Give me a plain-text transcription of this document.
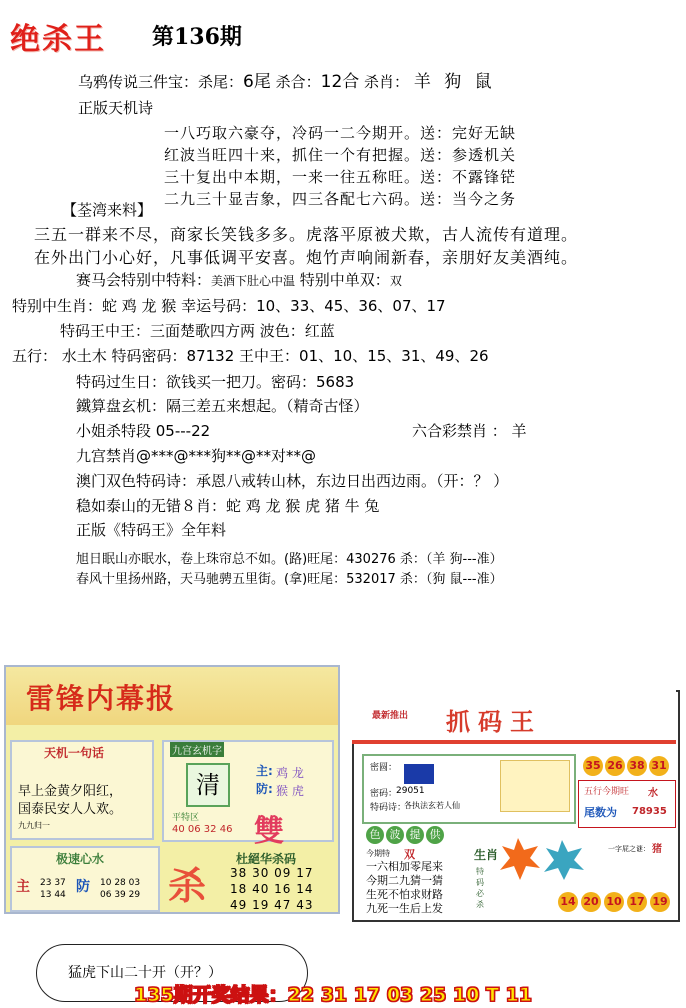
绝杀王 第136期
乌鸦传说三件宝：杀尾：6尾 杀合：12合 杀肖： 羊 狗 鼠
正版天机诗
一八巧取六豪夺，冷码一二今期开。送：完好无缺
红波当旺四十来，抓住一个有把握。送：参透机关
三十复出中本期，一来一往五称旺。送：不露锋铓
二九三十显吉象，四三各配七六码。送：当今之务
【荃湾来料】
三五一群来不尽，商家长笑钱多多。虎落平原被犬欺，古人流传有道理。
在外出门小心好，凡事低调平安喜。炮竹声响闹新春，亲朋好友美酒纯。
赛马会特别中特料：美酒下肚心中温 特别中单双：双
特别中生肖：蛇 鸡 龙 猴 幸运号码：10、33、45、36、07、17
特码王中王：三面楚歌四方两 波色：红蓝
五行： 水土木 特码密码：87132 王中王：01、10、15、31、49、26
特码过生日：欲钱买一把刀。密码：5683
鐵算盘玄机：隔三差五来想起。（精奇古怪）
小姐杀特段 05---22	六合彩禁肖 ： 羊
九宫禁肖@***@***狗**@**对**@
澳门双色特码诗：承恩八戒转山林，东边日出西边雨。（开：？ ）
稳如泰山的无错８肖：蛇 鸡 龙 猴 虎 猪 牛 兔
正版《特码王》全年料
旭日眠山亦眠水，卷上珠帘总不如。(路)旺尾：430276 杀：（羊 狗---准）
春风十里扬州路，天马驰骋五里街。(拿)旺尾：532017 杀：（狗 鼠---准）
雷锋内幕报
天机一句话
早上金黄夕阳红，
国泰民安人人欢。
九九归一
九宫玄机字
清	主: 鸡 龙
防: 猴 虎
平特区
40 06 32 46 雙
极速心水
主 23 37
13 44 防 10 28 03
06 39 29 杀
杜絕华杀码
38 30 09 17
18 40 16 14
49 19 47 43
最新推出 抓码王
密圆：
密码：
29051
特码诗：
各执法玄若人仙
35 26 38 31
五行今期旺 水
尾数为 78935
色 波 提 供
今期特 双
一六相加零尾来
今期二九猜一猜
生死不怕求财路
九死一生后上发
生肖
特码必杀
一字屁之谜： 猪
14 20 10 17 19
猛虎下山二十开（开？）
135期开奖结果：22 31 17 03 25 10 T 11
